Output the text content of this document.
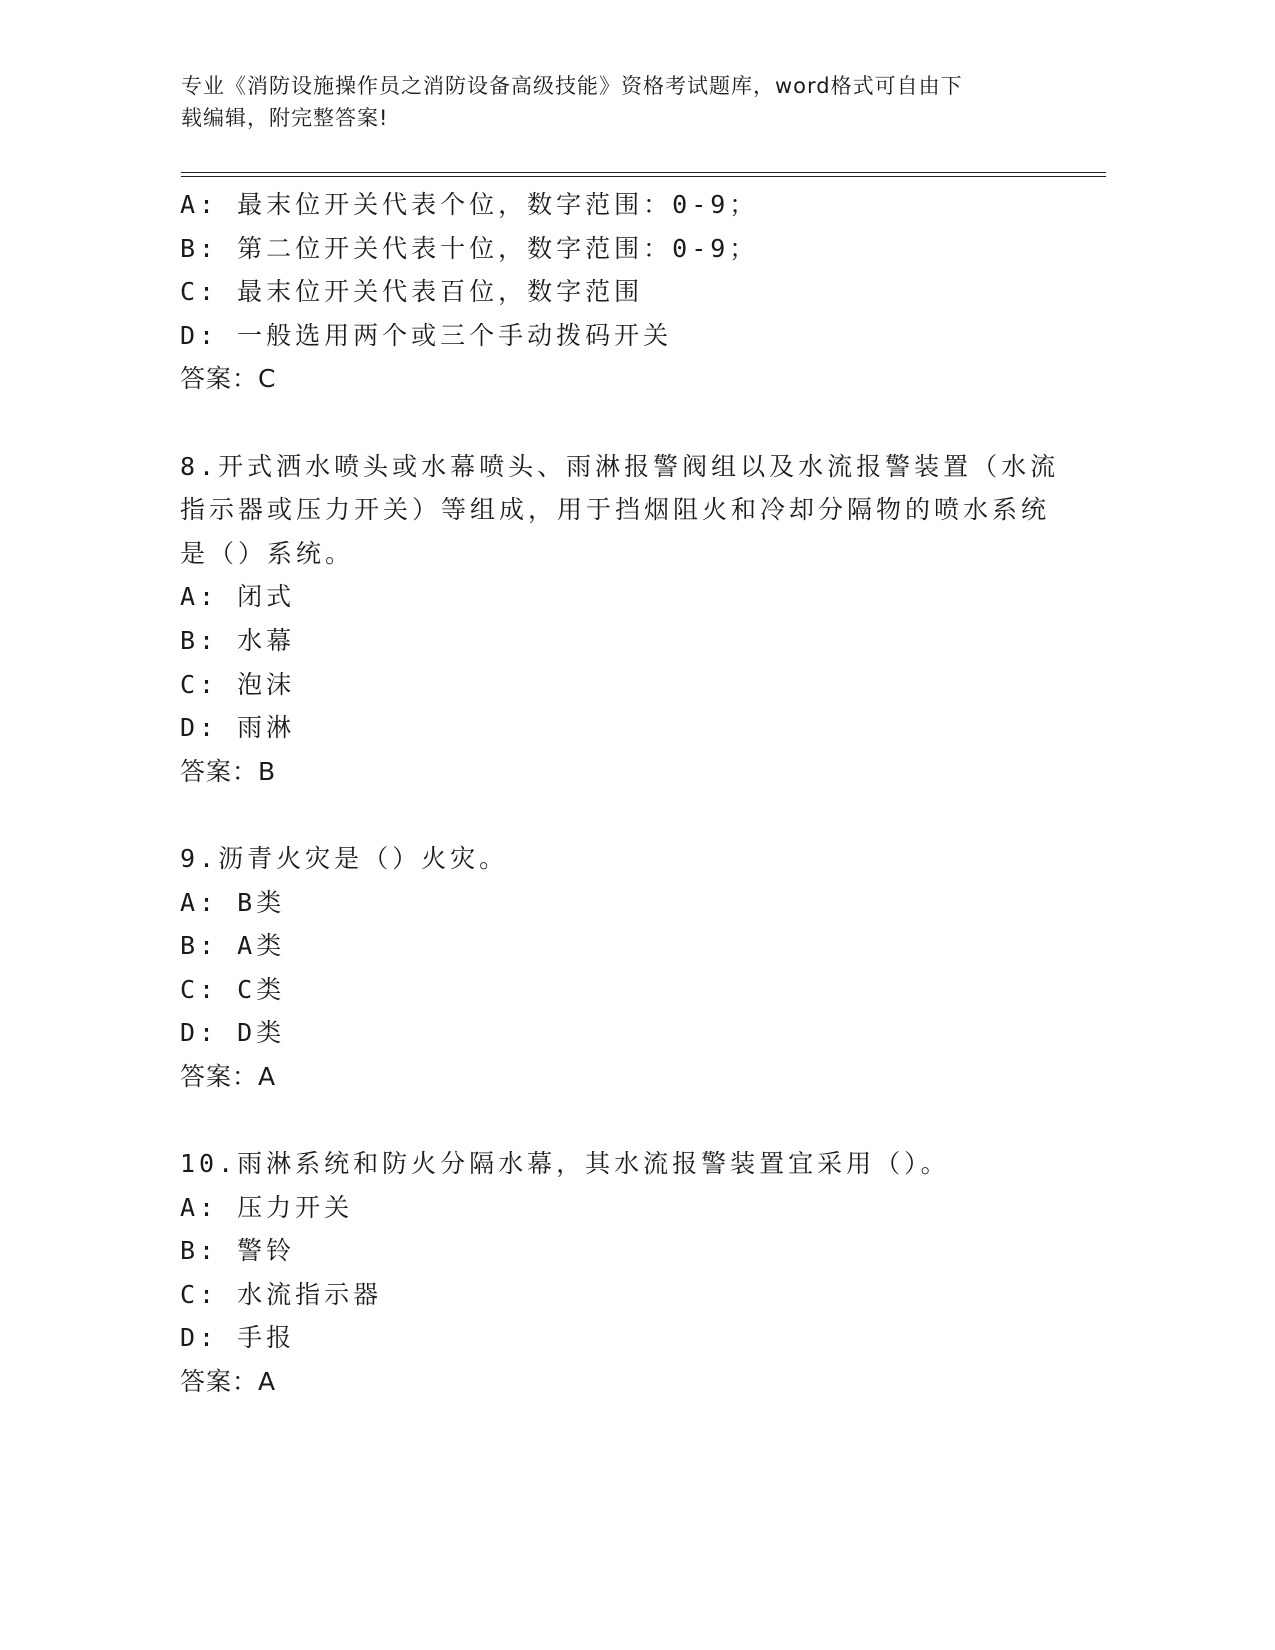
专业《消防设施操作员之消防设备高级技能》资格考试题库，word格式可自由下
载编辑，附完整答案!
A: 最末位开关代表个位，数字范围：0-9；
B: 第二位开关代表十位，数字范围：0-9；
C: 最末位开关代表百位，数字范围
D: 一般选用两个或三个手动拨码开关
答案：C
8.开式洒水喷头或水幕喷头、雨淋报警阀组以及水流报警装置（水流
指示器或压力开关）等组成，用于挡烟阻火和冷却分隔物的喷水系统
是（）系统。
A: 闭式
B: 水幕
C: 泡沫
D: 雨淋
答案：B
9.沥青火灾是（）火灾。
A: B类
B: A类
C: C类
D: D类
答案：A
10.雨淋系统和防火分隔水幕，其水流报警装置宜采用（）。
A: 压力开关
B: 警铃
C: 水流指示器
D: 手报
答案：A
